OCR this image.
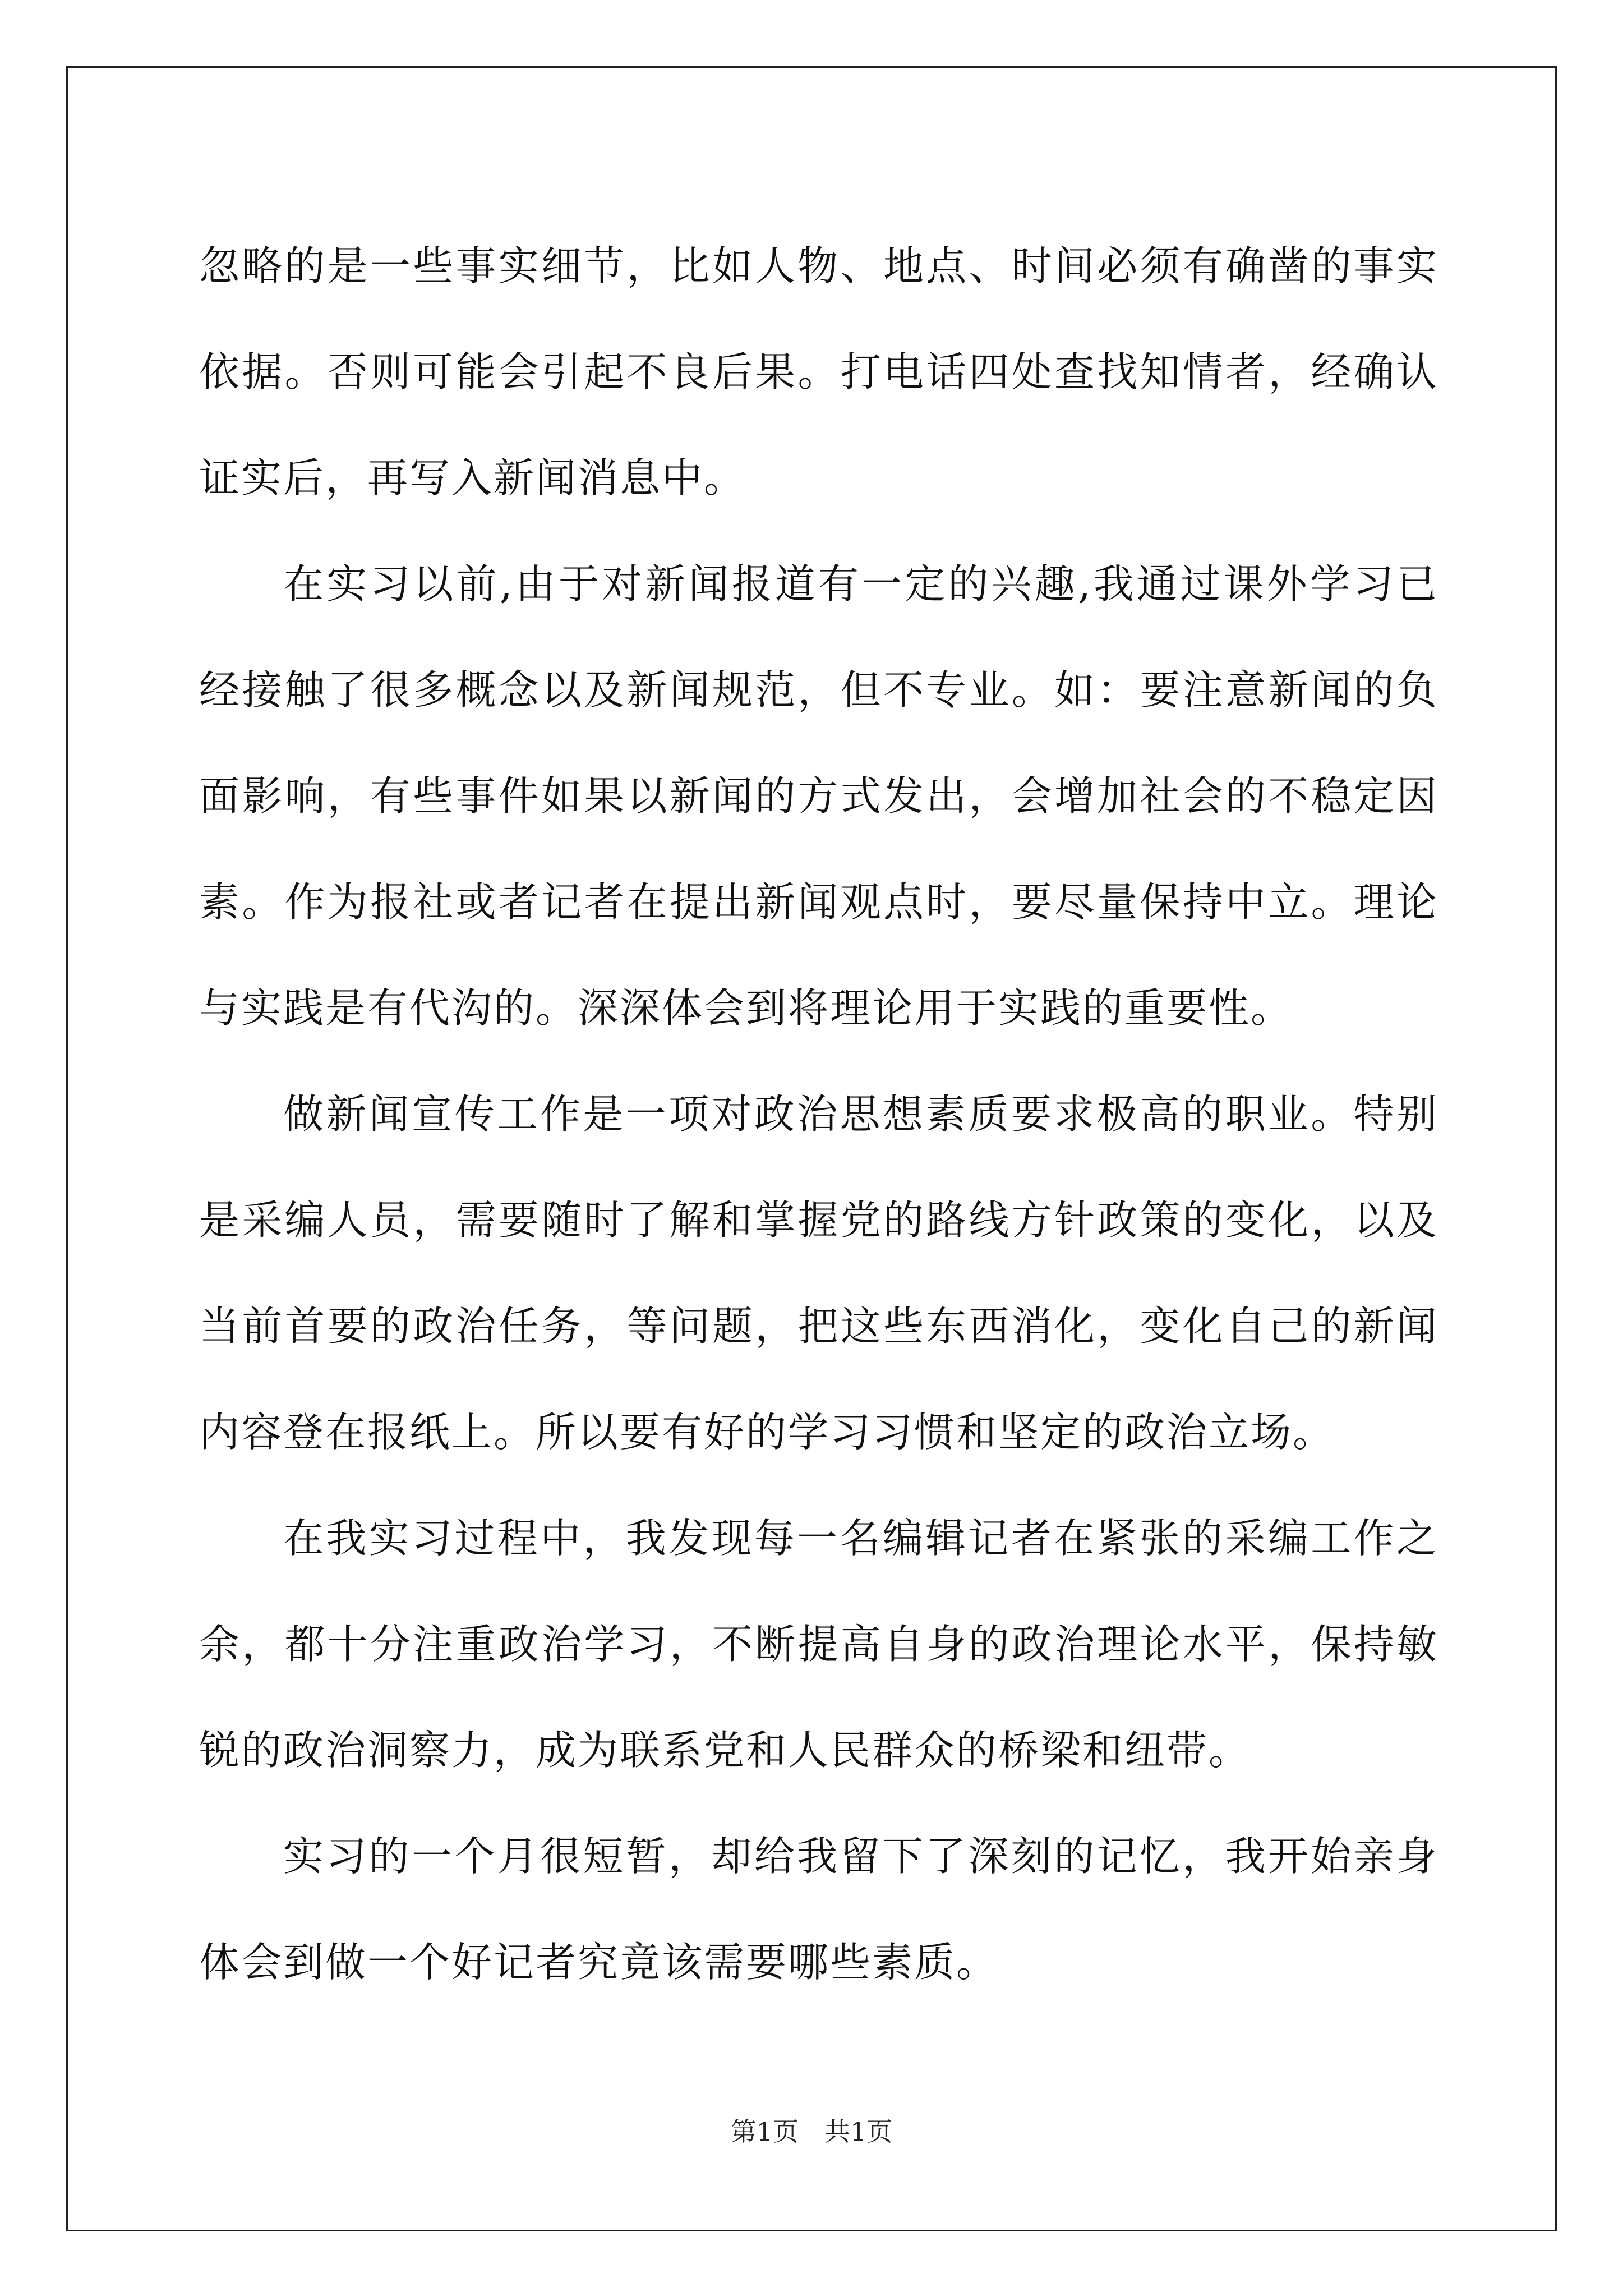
忽略的是一些事实细节，比如人物、地点、时间必须有确凿的事实依据。否则可能会引起不良后果。打电话四处查找知情者，经确认证实后，再写入新闻消息中。

在实习以前,由于对新闻报道有一定的兴趣,我通过课外学习已经接触了很多概念以及新闻规范，但不专业。如：要注意新闻的负面影响，有些事件如果以新闻的方式发出，会增加社会的不稳定因素。作为报社或者记者在提出新闻观点时，要尽量保持中立。理论与实践是有代沟的。深深体会到将理论用于实践的重要性。

做新闻宣传工作是一项对政治思想素质要求极高的职业。特别是采编人员，需要随时了解和掌握党的路线方针政策的变化，以及当前首要的政治任务，等问题，把这些东西消化，变化自己的新闻内容登在报纸上。所以要有好的学习习惯和坚定的政治立场。

在我实习过程中，我发现每一名编辑记者在紧张的采编工作之余，都十分注重政治学习，不断提高自身的政治理论水平，保持敏锐的政治洞察力，成为联系党和人民群众的桥梁和纽带。

实习的一个月很短暂，却给我留下了深刻的记忆，我开始亲身体会到做一个好记者究竟该需要哪些素质。

第1页 共1页
